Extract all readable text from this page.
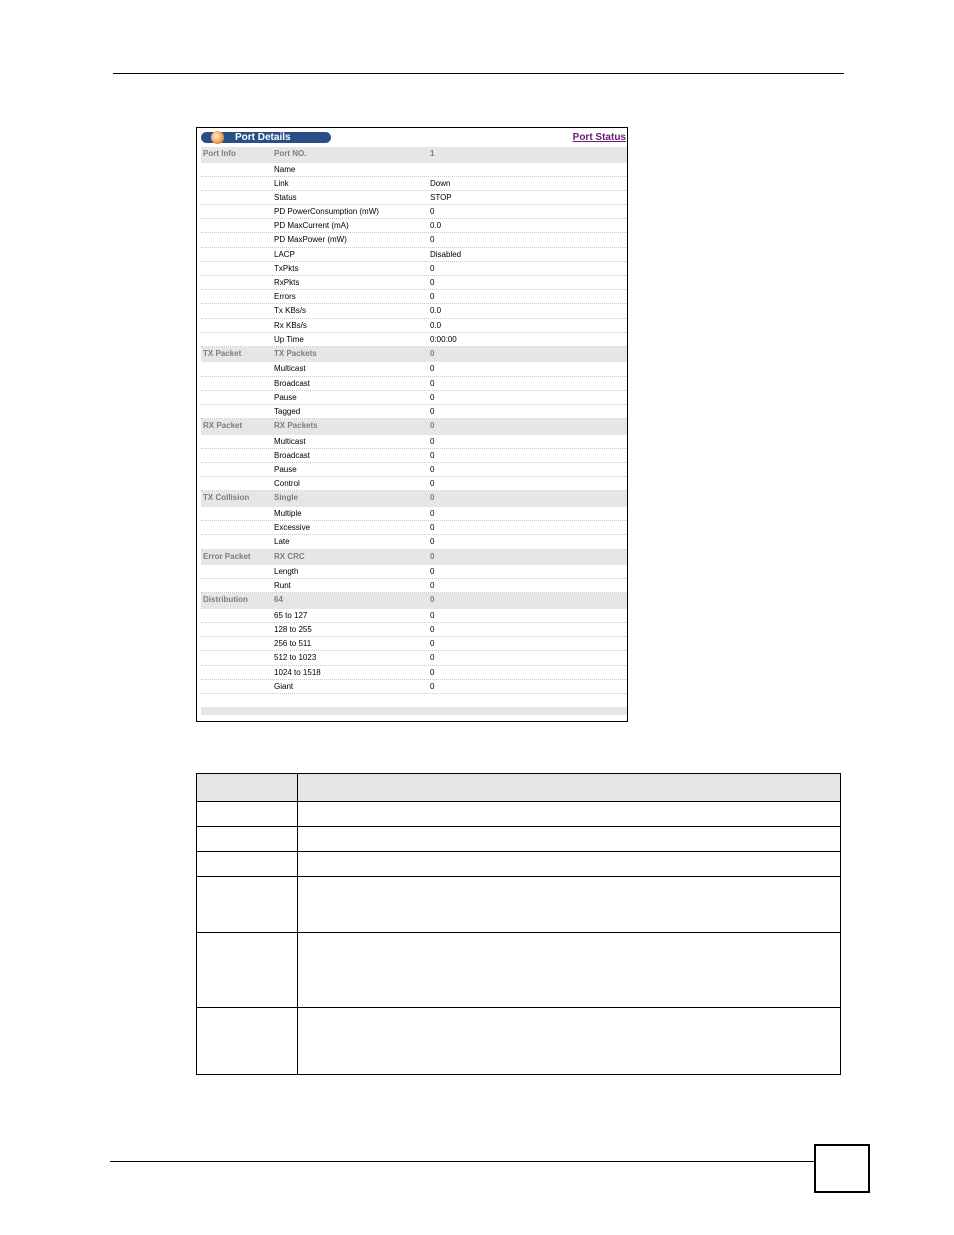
Port Details	Port Status
Port Info	Port NO.	1
Name
Link	Down
Status	STOP
PD PowerConsumption (mW)	0
PD MaxCurrent (mA)	0.0
PD MaxPower (mW)	0
LACP	Disabled
TxPkts	0
RxPkts	0
Errors	0
Tx KBs/s	0.0
Rx KBs/s	0.0
Up Time	0:00:00
TX Packet	TX Packets	0
Multicast	0
Broadcast	0
Pause	0
Tagged	0
RX Packet	RX Packets	0
Multicast	0
Broadcast	0
Pause	0
Control	0
TX Collision	Single	0
Multiple	0
Excessive	0
Late	0
Error Packet	RX CRC	0
Length	0
Runt	0
Distribution	64	0
65 to 127	0
128 to 255	0
256 to 511	0
512 to 1023	0
1024 to 1518	0
Giant	0
